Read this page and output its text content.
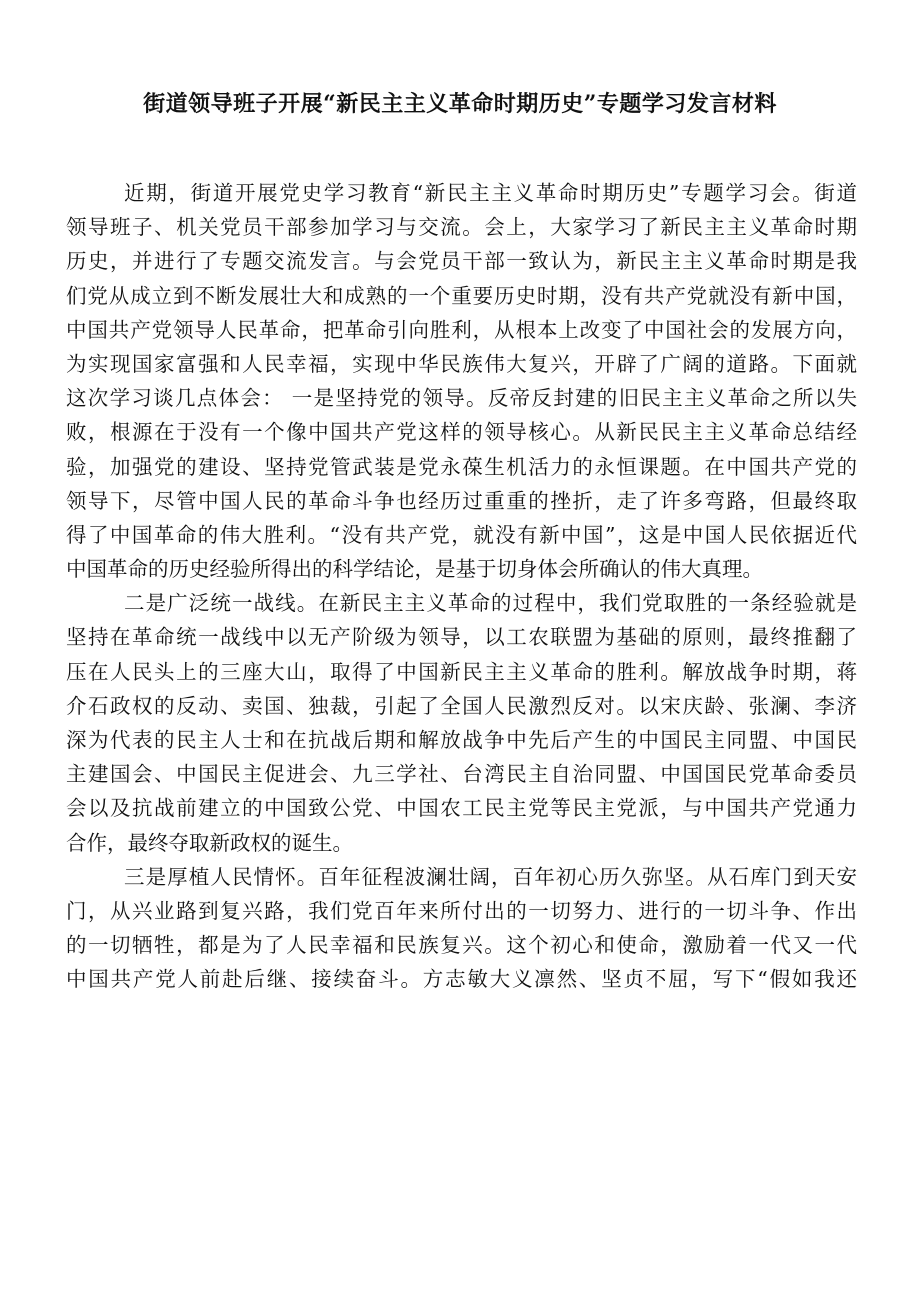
街道领导班子开展“新民主主义革命时期历史”专题学习发言材料
近期，街道开展党史学习教育“新民主主义革命时期历史”专题学习会。街道
领导班子、机关党员干部参加学习与交流。会上，大家学习了新民主主义革命时期
历史，并进行了专题交流发言。与会党员干部一致认为，新民主主义革命时期是我
们党从成立到不断发展壮大和成熟的一个重要历史时期，没有共产党就没有新中国，
中国共产党领导人民革命，把革命引向胜利，从根本上改变了中国社会的发展方向，
为实现国家富强和人民幸福，实现中华民族伟大复兴，开辟了广阔的道路。下面就
这次学习谈几点体会： 一是坚持党的领导。反帝反封建的旧民主主义革命之所以失
败，根源在于没有一个像中国共产党这样的领导核心。从新民民主主义革命总结经
验，加强党的建设、坚持党管武装是党永葆生机活力的永恒课题。在中国共产党的
领导下，尽管中国人民的革命斗争也经历过重重的挫折，走了许多弯路，但最终取
得了中国革命的伟大胜利。“没有共产党，就没有新中国”，这是中国人民依据近代
中国革命的历史经验所得出的科学结论，是基于切身体会所确认的伟大真理。
二是广泛统一战线。在新民主主义革命的过程中，我们党取胜的一条经验就是
坚持在革命统一战线中以无产阶级为领导，以工农联盟为基础的原则，最终推翻了
压在人民头上的三座大山，取得了中国新民主主义革命的胜利。解放战争时期，蒋
介石政权的反动、卖国、独裁，引起了全国人民激烈反对。以宋庆龄、张澜、李济
深为代表的民主人士和在抗战后期和解放战争中先后产生的中国民主同盟、中国民
主建国会、中国民主促进会、九三学社、台湾民主自治同盟、中国国民党革命委员
会以及抗战前建立的中国致公党、中国农工民主党等民主党派，与中国共产党通力
合作，最终夺取新政权的诞生。
三是厚植人民情怀。百年征程波澜壮阔，百年初心历久弥坚。从石库门到天安
门，从兴业路到复兴路，我们党百年来所付出的一切努力、进行的一切斗争、作出
的一切牺牲，都是为了人民幸福和民族复兴。这个初心和使命，激励着一代又一代
中国共产党人前赴后继、接续奋斗。方志敏大义凛然、坚贞不屈，写下“假如我还
